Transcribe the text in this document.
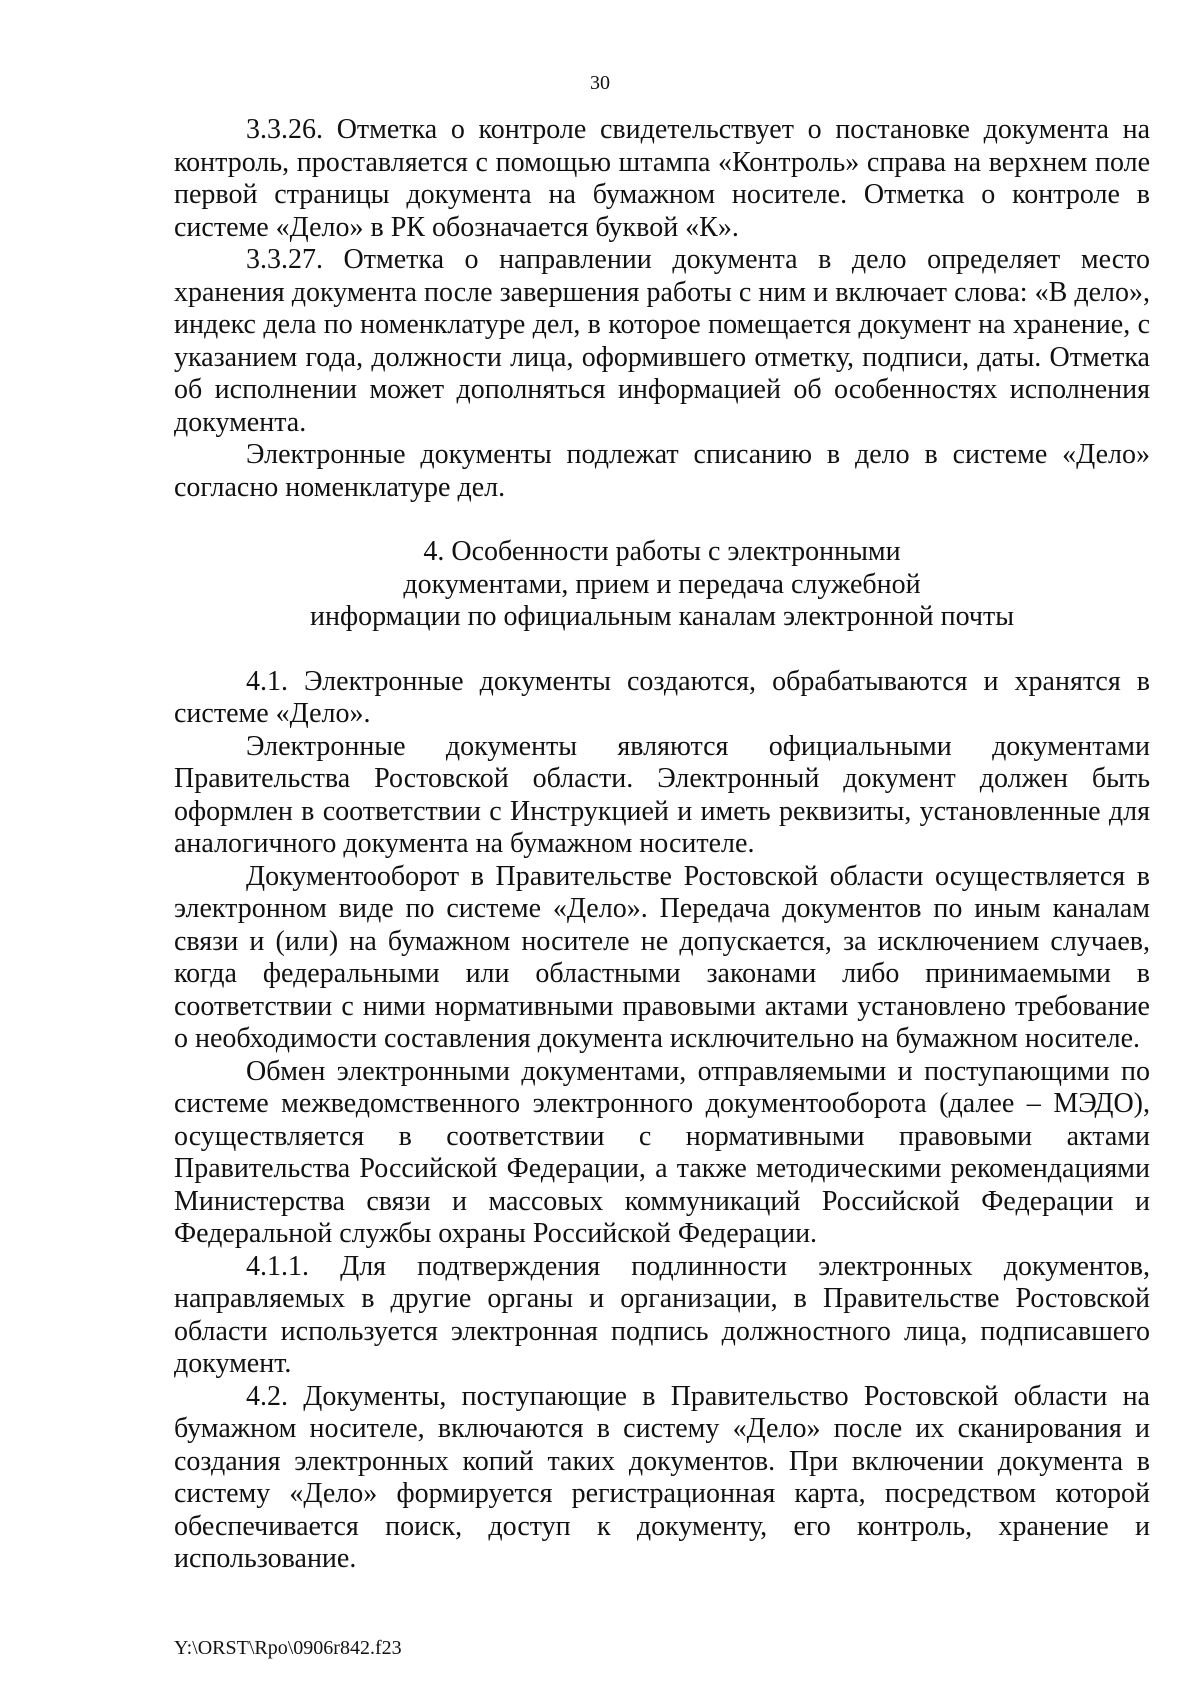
30

3.3.26. Отметка о контроле свидетельствует о постановке документа на контроль, проставляется с помощью штампа «Контроль» справа на верхнем поле первой страницы документа на бумажном носителе. Отметка о контроле в системе «Дело» в РК обозначается буквой «К».

3.3.27. Отметка о направлении документа в дело определяет место хранения документа после завершения работы с ним и включает слова: «В дело», индекс дела по номенклатуре дел, в которое помещается документ на хранение, с указанием года, должности лица, оформившего отметку, подписи, даты. Отметка об исполнении может дополняться информацией об особенностях исполнения документа.

Электронные документы подлежат списанию в дело в системе «Дело» согласно номенклатуре дел.

4. Особенности работы с электронными
документами, прием и передача служебной
информации по официальным каналам электронной почты

4.1. Электронные документы создаются, обрабатываются и хранятся в системе «Дело».

Электронные документы являются официальными документами Правительства Ростовской области. Электронный документ должен быть оформлен в соответствии с Инструкцией и иметь реквизиты, установленные для аналогичного документа на бумажном носителе.

Документооборот в Правительстве Ростовской области осуществляется в электронном виде по системе «Дело». Передача документов по иным каналам связи и (или) на бумажном носителе не допускается, за исключением случаев, когда федеральными или областными законами либо принимаемыми в соответствии с ними нормативными правовыми актами установлено требование о необходимости составления документа исключительно на бумажном носителе.

Обмен электронными документами, отправляемыми и поступающими по системе межведомственного электронного документооборота (далее – МЭДО), осуществляется в соответствии с нормативными правовыми актами Правительства Российской Федерации, а также методическими рекомендациями Министерства связи и массовых коммуникаций Российской Федерации и Федеральной службы охраны Российской Федерации.

4.1.1. Для подтверждения подлинности электронных документов, направляемых в другие органы и организации, в Правительстве Ростовской области используется электронная подпись должностного лица, подписавшего документ.

4.2. Документы, поступающие в Правительство Ростовской области на бумажном носителе, включаются в систему «Дело» после их сканирования и создания электронных копий таких документов. При включении документа в систему «Дело» формируется регистрационная карта, посредством которой обеспечивается поиск, доступ к документу, его контроль, хранение и использование.

Y:\ORST\Rpo\0906r842.f23
